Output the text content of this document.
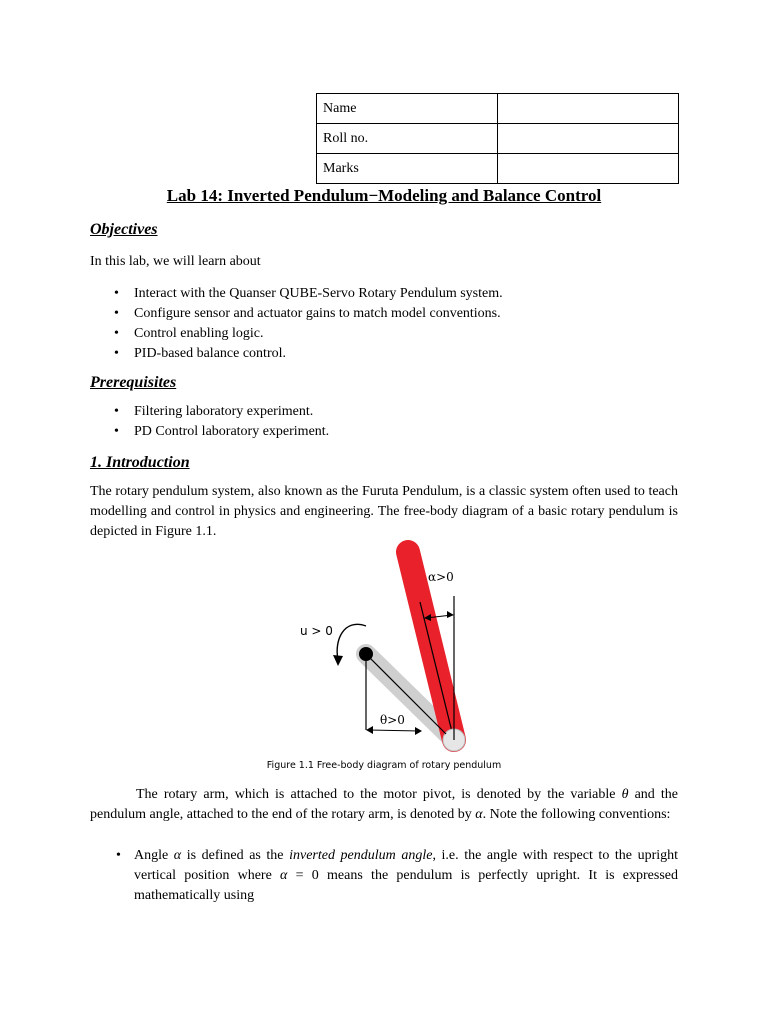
Name	
Roll no.	
Marks	
Lab 14: Inverted Pendulum−Modeling and Balance Control
Objectives
In this lab, we will learn about
• Interact with the Quanser QUBE-Servo Rotary Pendulum system.
• Configure sensor and actuator gains to match model conventions.
• Control enabling logic.
• PID-based balance control.
Prerequisites
• Filtering laboratory experiment.
• PD Control laboratory experiment.
1. Introduction
The rotary pendulum system, also known as the Furuta Pendulum, is a classic system often used to teach modelling and control in physics and engineering. The free-body diagram of a basic rotary pendulum is depicted in Figure 1.1.
u > 0
α>0
θ>0
Figure 1.1 Free-body diagram of rotary pendulum
The rotary arm, which is attached to the motor pivot, is denoted by the variable θ and the pendulum angle, attached to the end of the rotary arm, is denoted by α. Note the following conventions:
• Angle α is defined as the inverted pendulum angle, i.e. the angle with respect to the upright vertical position where α = 0 means the pendulum is perfectly upright. It is expressed mathematically using
